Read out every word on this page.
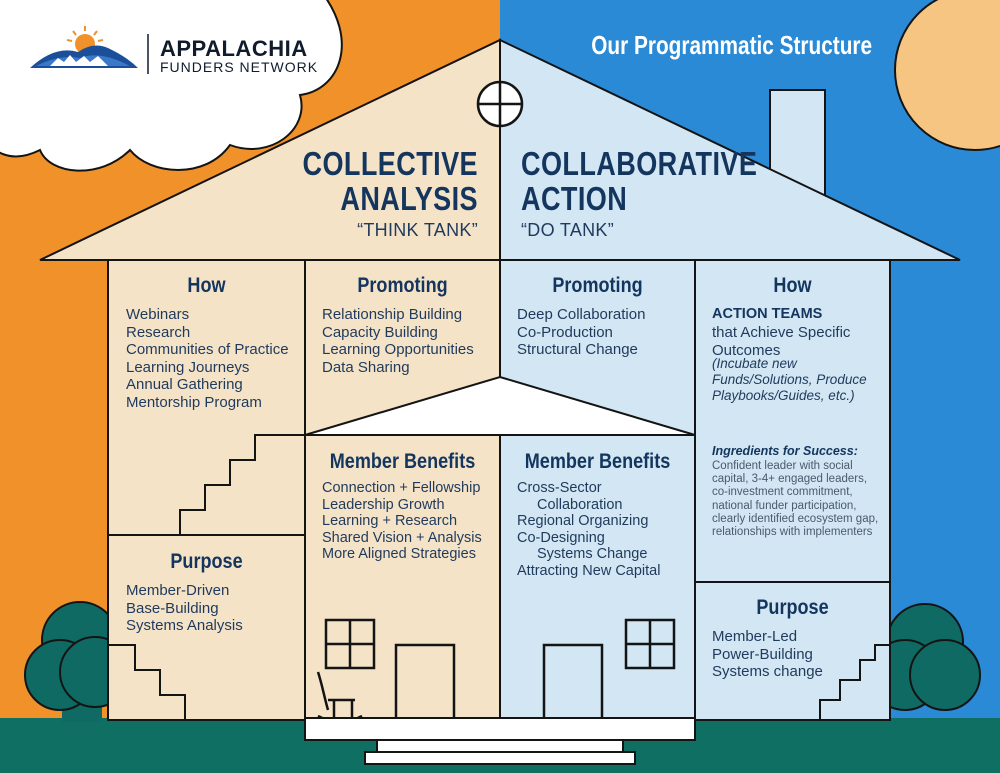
Our Programmatic Structure
APPALACHIA
FUNDERS NETWORK
COLLECTIVE
ANALYSIS
“THINK TANK”
COLLABORATIVE
ACTION
“DO TANK”
How
Webinars
Research
Communities of Practice
Learning Journeys
Annual Gathering
Mentorship Program
Promoting
Relationship Building
Capacity Building
Learning Opportunities
Data Sharing
Promoting
Deep Collaboration
Co-Production
Structural Change
How
ACTION TEAMS
that Achieve Specific
Outcomes
(Incubate new Funds/Solutions, Produce Playbooks/Guides, etc.)
Ingredients for Success:
Confident leader with social capital, 3-4+ engaged leaders, co-investment commitment, national funder participation, clearly identified ecosystem gap, relationships with implementers
Member Benefits
Connection + Fellowship
Leadership Growth
Learning + Research
Shared Vision + Analysis
More Aligned Strategies
Member Benefits
Cross-Sector
Collaboration
Regional Organizing
Co-Designing
Systems Change
Attracting New Capital
Purpose
Member-Driven
Base-Building
Systems Analysis
Purpose
Member-Led
Power-Building
Systems change
